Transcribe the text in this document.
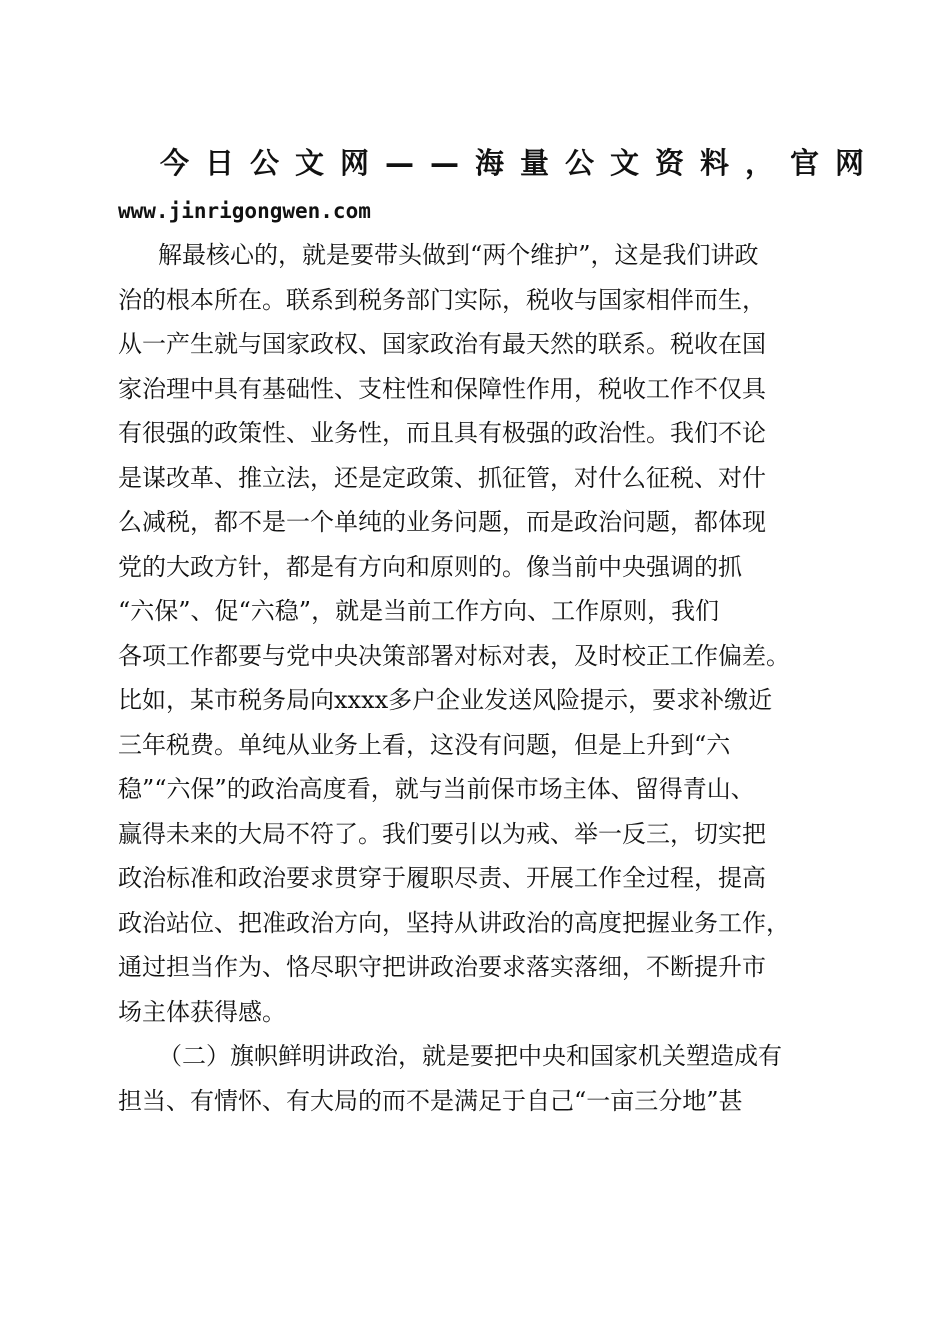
今日公文网——海量公文资料，官网
www.jinrigongwen.com
解最核心的，就是要带头做到“两个维护”，这是我们讲政
治的根本所在。联系到税务部门实际，税收与国家相伴而生，
从一产生就与国家政权、国家政治有最天然的联系。税收在国
家治理中具有基础性、支柱性和保障性作用，税收工作不仅具
有很强的政策性、业务性，而且具有极强的政治性。我们不论
是谋改革、推立法，还是定政策、抓征管，对什么征税、对什
么减税，都不是一个单纯的业务问题，而是政治问题，都体现
党的大政方针，都是有方向和原则的。像当前中央强调的抓
“六保”、促“六稳”，就是当前工作方向、工作原则，我们
各项工作都要与党中央决策部署对标对表，及时校正工作偏差。
比如，某市税务局向xxxx多户企业发送风险提示，要求补缴近
三年税费。单纯从业务上看，这没有问题，但是上升到“六
稳”“六保”的政治高度看，就与当前保市场主体、留得青山、
赢得未来的大局不符了。我们要引以为戒、举一反三，切实把
政治标准和政治要求贯穿于履职尽责、开展工作全过程，提高
政治站位、把准政治方向，坚持从讲政治的高度把握业务工作，
通过担当作为、恪尽职守把讲政治要求落实落细，不断提升市
场主体获得感。
（二）旗帜鲜明讲政治，就是要把中央和国家机关塑造成有
担当、有情怀、有大局的而不是满足于自己“一亩三分地”甚
